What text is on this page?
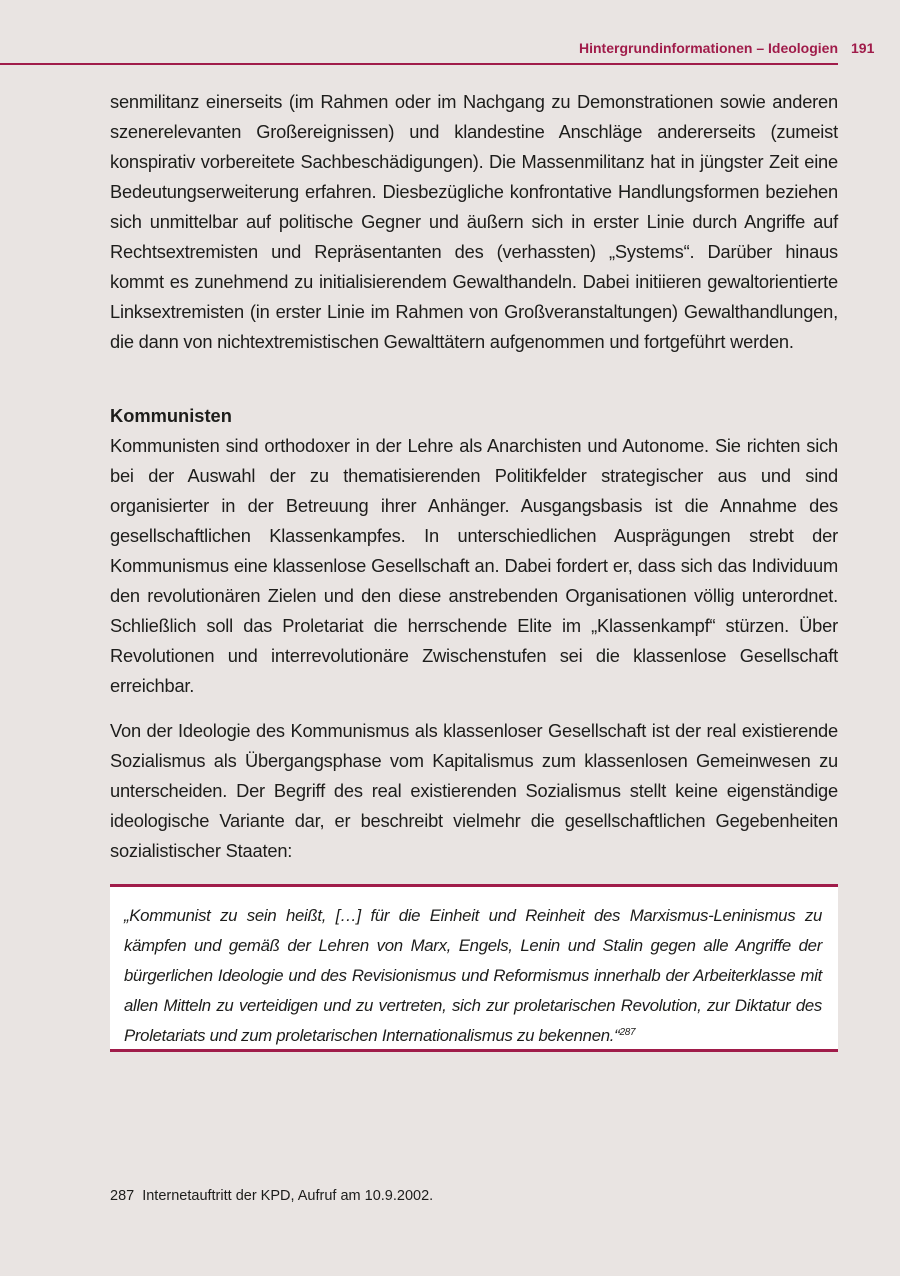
Hintergrundinformationen – Ideologien 191

senmilitanz einerseits (im Rahmen oder im Nachgang zu Demonstrationen sowie anderen szenerelevanten Großereignissen) und klandestine Anschläge andererseits (zumeist konspirativ vorbereitete Sachbeschädigungen). Die Massenmilitanz hat in jüngster Zeit eine Bedeutungserweiterung erfahren. Diesbezügliche konfrontative Handlungsformen beziehen sich unmittelbar auf politische Gegner und äußern sich in erster Linie durch Angriffe auf Rechtsextremisten und Repräsentanten des (verhassten) „Systems“. Darüber hinaus kommt es zunehmend zu initialisierendem Gewalthandeln. Dabei initiieren gewaltorientierte Linksextremisten (in erster Linie im Rahmen von Großveranstaltungen) Gewalthandlungen, die dann von nichtextremistischen Gewalttätern aufgenommen und fortgeführt werden.

Kommunisten

Kommunisten sind orthodoxer in der Lehre als Anarchisten und Autonome. Sie richten sich bei der Auswahl der zu thematisierenden Politikfelder strategischer aus und sind organisierter in der Betreuung ihrer Anhänger. Ausgangsbasis ist die Annahme des gesellschaftlichen Klassenkampfes. In unterschiedlichen Ausprägungen strebt der Kommunismus eine klassenlose Gesellschaft an. Dabei fordert er, dass sich das Individuum den revolutionären Zielen und den diese anstrebenden Organisationen völlig unterordnet. Schließlich soll das Proletariat die herrschende Elite im „Klassenkampf“ stürzen. Über Revolutionen und interrevolutionäre Zwischenstufen sei die klassenlose Gesellschaft erreichbar.

Von der Ideologie des Kommunismus als klassenloser Gesellschaft ist der real existierende Sozialismus als Übergangsphase vom Kapitalismus zum klassenlosen Gemeinwesen zu unterscheiden. Der Begriff des real existierenden Sozialismus stellt keine eigenständige ideologische Variante dar, er beschreibt vielmehr die gesellschaftlichen Gegebenheiten sozialistischer Staaten:

„Kommunist zu sein heißt, […] für die Einheit und Reinheit des Marxismus-Leninismus zu kämpfen und gemäß der Lehren von Marx, Engels, Lenin und Stalin gegen alle Angriffe der bürgerlichen Ideologie und des Revisionismus und Reformismus innerhalb der Arbeiterklasse mit allen Mitteln zu verteidigen und zu vertreten, sich zur proletarischen Revolution, zur Diktatur des Proletariats und zum proletarischen Internationalismus zu bekennen.“$^{287}$
287 Internetauftritt der KPD, Aufruf am 10.9.2002.
